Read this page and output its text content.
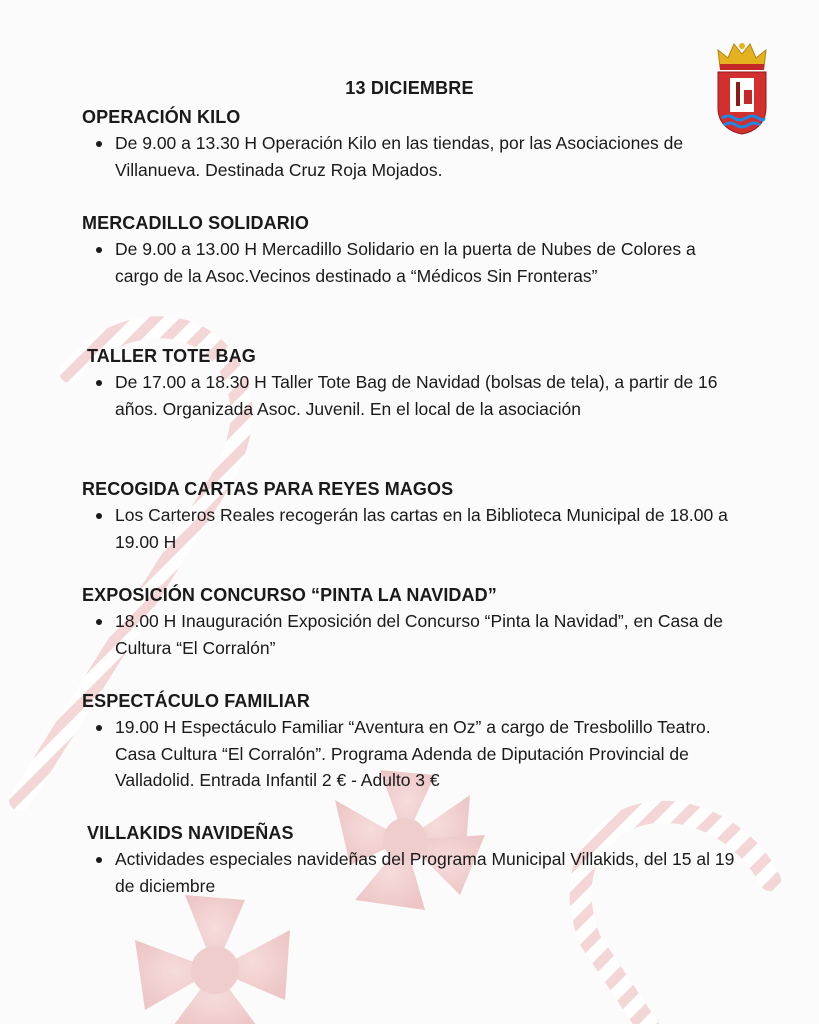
13 DICIEMBRE
OPERACIÓN KILO
De 9.00 a 13.30 H Operación Kilo en las tiendas, por las Asociaciones de Villanueva. Destinada Cruz Roja Mojados.
MERCADILLO SOLIDARIO
De 9.00 a 13.00 H Mercadillo Solidario en la puerta de Nubes de Colores a cargo de la Asoc.Vecinos destinado a “Médicos Sin Fronteras”
TALLER TOTE BAG
De 17.00 a 18.30 H Taller Tote Bag de Navidad (bolsas de tela), a partir de 16 años. Organizada Asoc. Juvenil. En el local de la asociación
RECOGIDA CARTAS PARA REYES MAGOS
Los Carteros Reales recogerán las cartas en la Biblioteca Municipal de 18.00 a 19.00 H
EXPOSICIÓN CONCURSO “PINTA LA NAVIDAD”
18.00 H Inauguración Exposición del Concurso “Pinta la Navidad”, en Casa de Cultura “El Corralón”
ESPECTÁCULO FAMILIAR
19.00 H Espectáculo Familiar “Aventura en Oz” a cargo de Tresbolillo Teatro. Casa Cultura “El Corralón”. Programa Adenda de Diputación Provincial de Valladolid. Entrada Infantil 2 € - Adulto 3 €
VILLAKIDS NAVIDEÑAS
Actividades especiales navideñas del Programa Municipal Villakids, del 15 al 19 de diciembre
